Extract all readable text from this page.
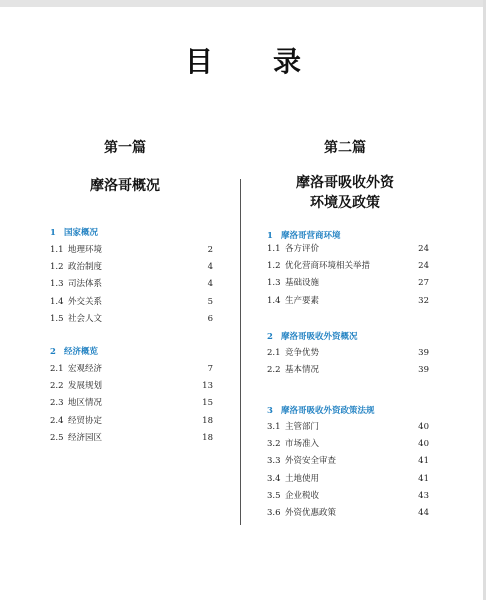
目 录
第一篇
摩洛哥概况
第二篇
摩洛哥吸收外资
环境及政策
1 国家概况
1.1 地理环境	2
1.2 政治制度	4
1.3 司法体系	4
1.4 外交关系	5
1.5 社会人文	6
2 经济概览
2.1 宏观经济	7
2.2 发展规划	13
2.3 地区情况	15
2.4 经贸协定	18
2.5 经济园区	18
1 摩洛哥营商环境
1.1 各方评价	24
1.2 优化营商环境相关举措	24
1.3 基础设施	27
1.4 生产要素	32
2 摩洛哥吸收外资概况
2.1 竞争优势	39
2.2 基本情况	39
3 摩洛哥吸收外资政策法规
3.1 主管部门	40
3.2 市场准入	40
3.3 外资安全审查	41
3.4 土地使用	41
3.5 企业税收	43
3.6 外资优惠政策	44
